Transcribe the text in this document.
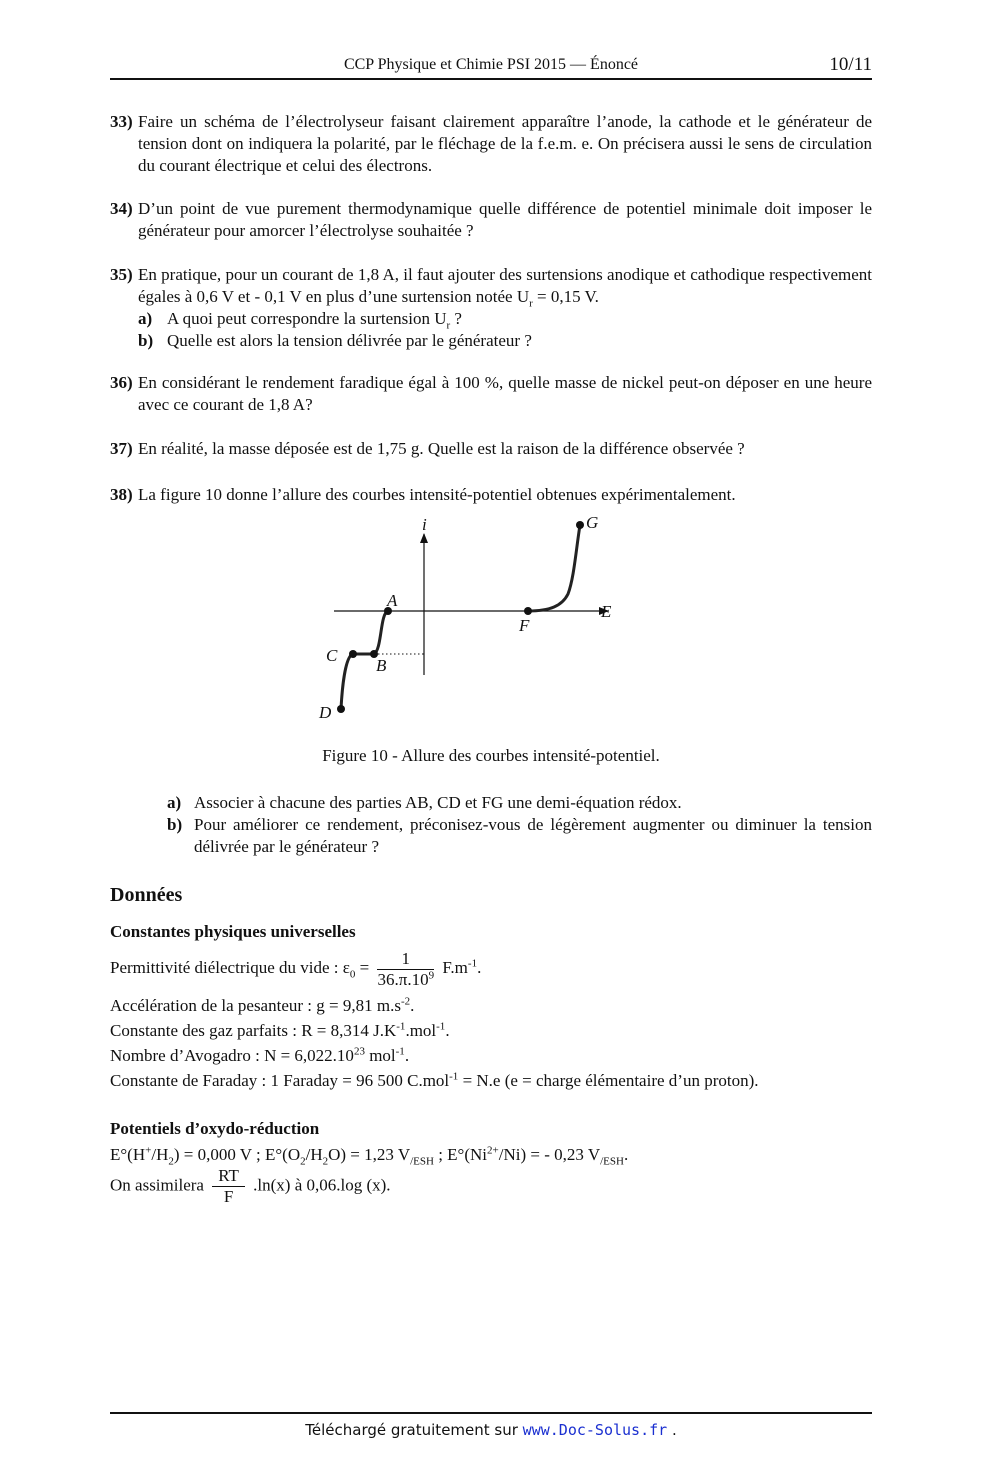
CCP Physique et Chimie PSI 2015 — Énoncé	10/11
33) Faire un schéma de l’électrolyseur faisant clairement apparaître l’anode, la cathode et le générateur de tension dont on indiquera la polarité, par le fléchage de la f.e.m. e. On précisera aussi le sens de circulation du courant électrique et celui des électrons.
34) D’un point de vue purement thermodynamique quelle différence de potentiel minimale doit imposer le générateur pour amorcer l’électrolyse souhaitée ?
35) En pratique, pour un courant de 1,8 A, il faut ajouter des surtensions anodique et cathodique respectivement égales à 0,6 V et - 0,1 V en plus d’une surtension notée $U_r = 0,15$ V.
a) A quoi peut correspondre la surtension $U_r$ ?
b) Quelle est alors la tension délivrée par le générateur ?
36) En considérant le rendement faradique égal à 100 %, quelle masse de nickel peut-on déposer en une heure avec ce courant de 1,8 A?
37) En réalité, la masse déposée est de 1,75 g. Quelle est la raison de la différence observée ?
38) La figure 10 donne l’allure des courbes intensité-potentiel obtenues expérimentalement.
i
E
A
B
C
D
F
G
Figure 10 - Allure des courbes intensité-potentiel.
a) Associer à chacune des parties AB, CD et FG une demi-équation rédox.
b) Pour améliorer ce rendement, préconisez-vous de légèrement augmenter ou diminuer la tension délivrée par le générateur ?
Données
Constantes physiques universelles
Permittivité diélectrique du vide : $\varepsilon_0 = \frac{1}{36.\pi.10^9} F.m^{-1}$.
Accélération de la pesanteur : g = 9,81 $m.s^{-2}$.
Constante des gaz parfaits : R = 8,314 $J.K^{-1}.mol^{-1}$.
Nombre d’Avogadro : $N = 6,022.10^{23}$ mol$^{-1}$.
Constante de Faraday : 1 Faraday = 96 500 C.mol$^{-1}$ = N.e (e = charge élémentaire d’un proton).
Potentiels d’oxydo-réduction
$E^\circ(H^+/H_2) = 0,000$ V ; $E^\circ(O_2/H_2O) = 1,23$ $V_{/ESH}$ ; $E^\circ(Ni^{2+}/Ni)$ = - 0,23 $V_{/ESH}$.
On assimilera $\frac{RT}{F} .\ln(x)$ à 0,06.log (x).
Téléchargé gratuitement sur www.Doc-Solus.fr .
